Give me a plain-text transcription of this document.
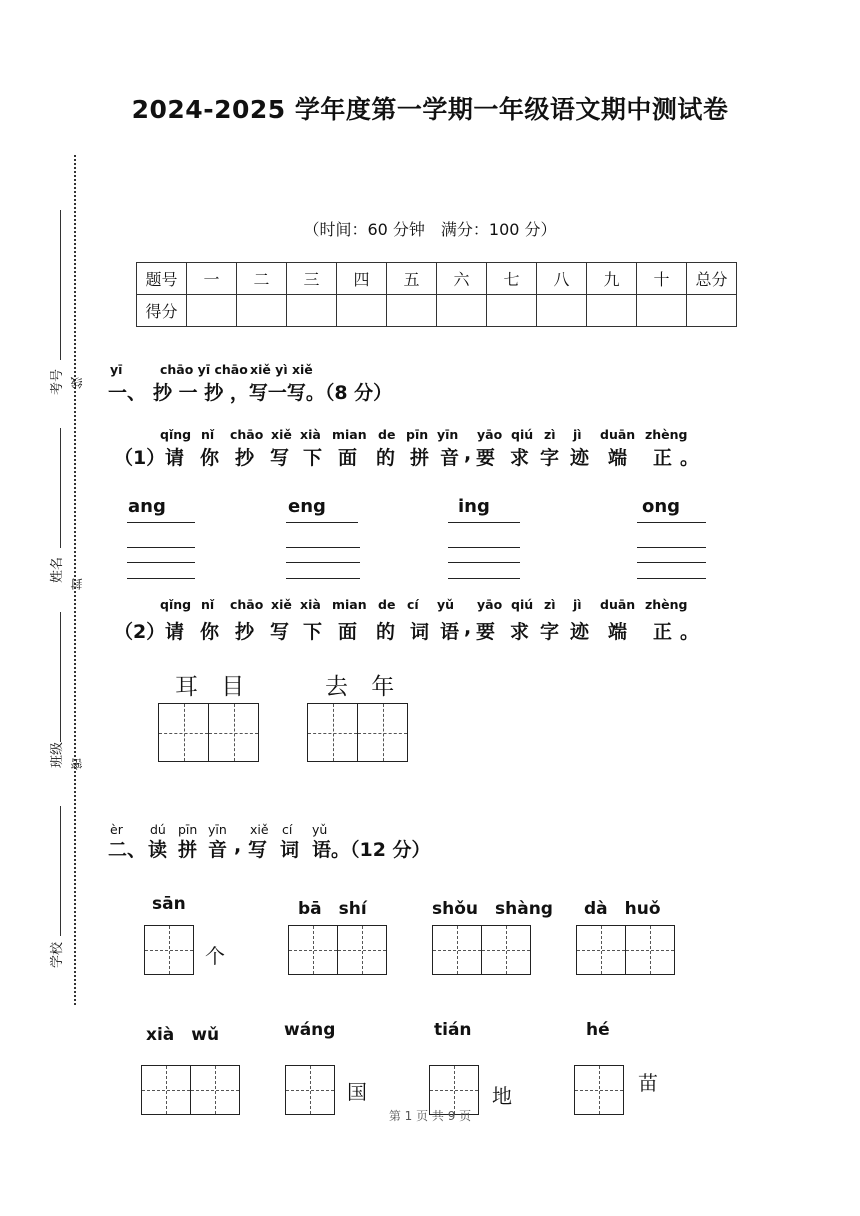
2024-2025 学年度第一学期一年级语文期中测试卷
（时间：60 分钟　满分：100 分）
题号	一	二	三	四	五	六	七	八	九	十	总分
得分											
线
封
密
考号
姓名
班级
学校
yī	chāo yī chāo xiě yì xiě
一、 抄 一 抄 ，写一写。（8 分）
qǐng nǐ chāo xiě xià mian de pīn yīn yāo qiú zì jì duān zhèng
（1） 请 你 抄 写 下 面 的 拼 音 , 要 求 字 迹 端 正 。
ang	eng	ing	ong
qǐng nǐ chāo xiě xià mian de cí yǔ yāo qiú zì jì duān zhèng
（2） 请 你 抄 写 下 面 的 词 语 , 要 求 字 迹 端 正 。
耳 目	去 年
èr dú pīn yīn xiě cí yǔ
二、 读 拼 音 , 写 词 语。（12 分）
sān	bā　shí	shǒu　shàng dà　huǒ
个
xià　wǔ	wáng	tián	hé
国	地
苗
第 1 页 共 9 页
